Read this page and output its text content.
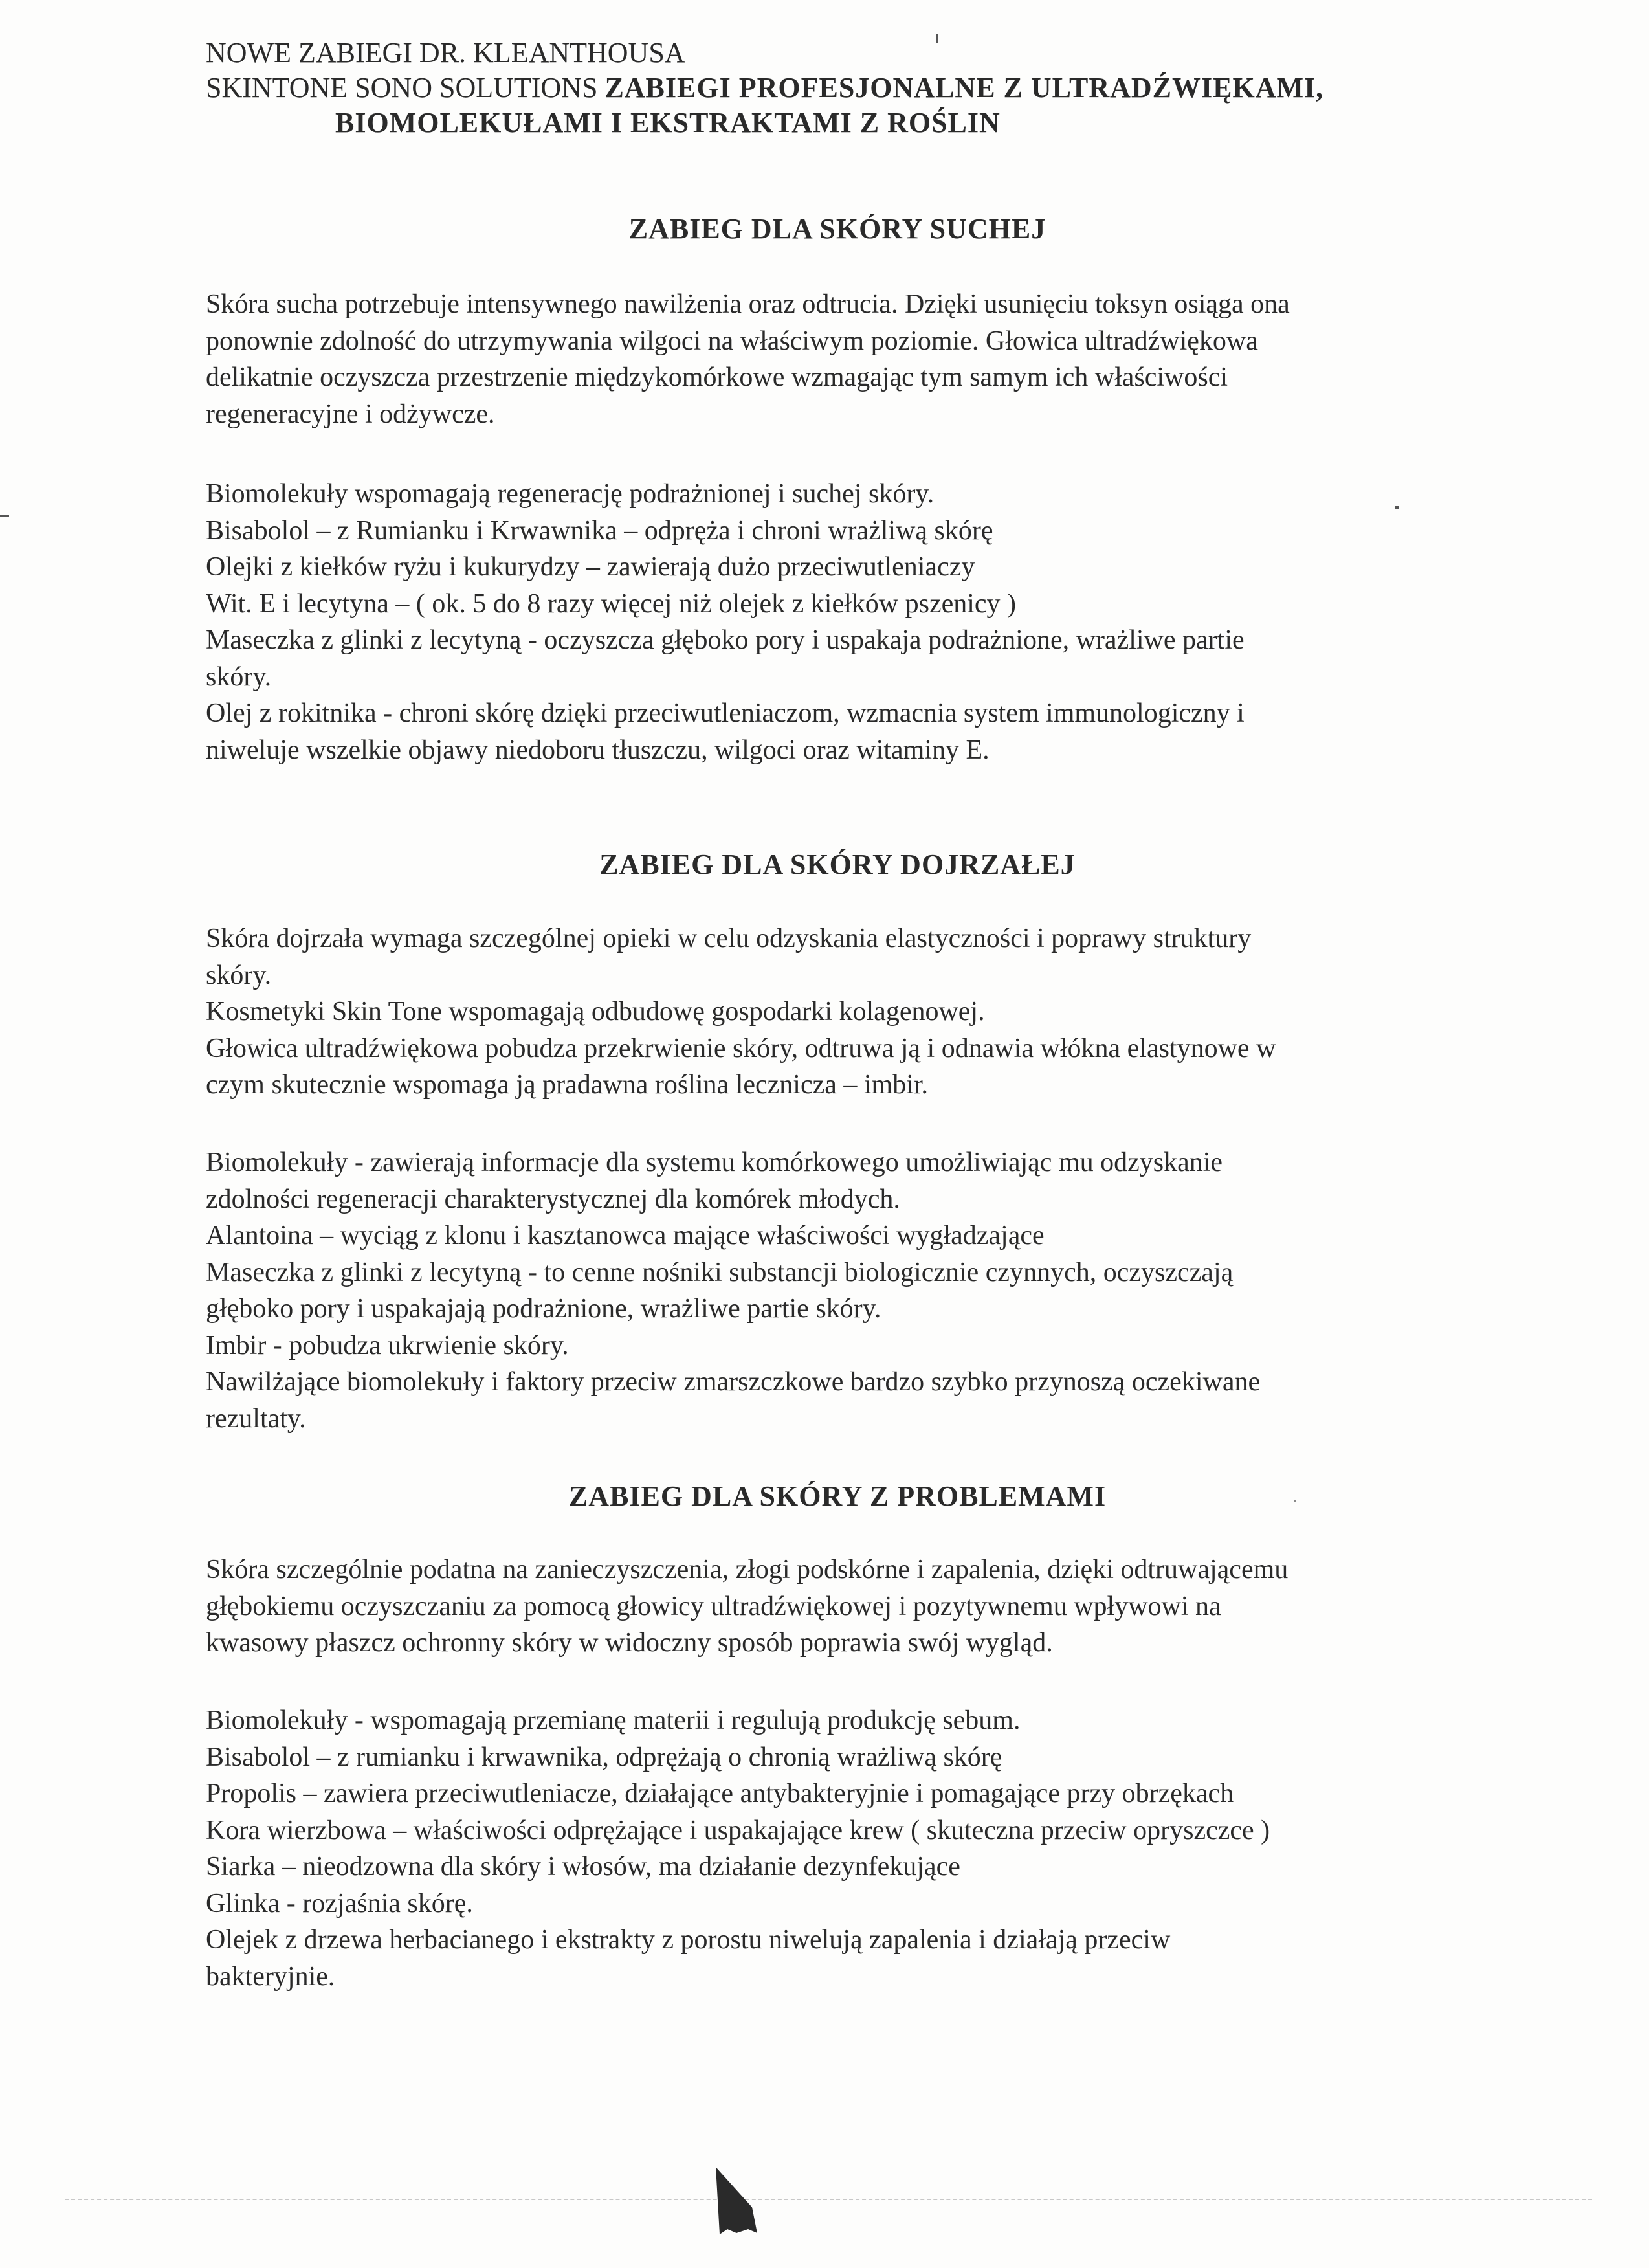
NOWE ZABIEGI DR. KLEANTHOUSA
SKINTONE SONO SOLUTIONS ZABIEGI PROFESJONALNE Z ULTRADŹWIĘKAMI,
BIOMOLEKUŁAMI I EKSTRAKTAMI Z ROŚLIN
ZABIEG DLA SKÓRY SUCHEJ
Skóra sucha potrzebuje intensywnego nawilżenia oraz odtrucia. Dzięki usunięciu toksyn osiąga ona
ponownie zdolność do utrzymywania wilgoci na właściwym poziomie. Głowica ultradźwiękowa
delikatnie oczyszcza przestrzenie międzykomórkowe wzmagając tym samym ich właściwości
regeneracyjne i odżywcze.
Biomolekuły wspomagają regenerację podrażnionej i suchej skóry.
Bisabolol – z Rumianku i Krwawnika – odpręża i chroni wrażliwą skórę
Olejki z kiełków ryżu i kukurydzy – zawierają dużo przeciwutleniaczy
Wit. E i lecytyna – ( ok. 5 do 8 razy więcej niż olejek z kiełków pszenicy )
Maseczka z glinki z lecytyną - oczyszcza głęboko pory i uspakaja podrażnione, wrażliwe partie
skóry.
Olej z rokitnika - chroni skórę dzięki przeciwutleniaczom, wzmacnia system immunologiczny i
niweluje wszelkie objawy niedoboru tłuszczu, wilgoci oraz witaminy E.
ZABIEG DLA SKÓRY DOJRZAŁEJ
Skóra dojrzała wymaga szczególnej opieki w celu odzyskania elastyczności i poprawy struktury
skóry.
Kosmetyki Skin Tone wspomagają odbudowę gospodarki kolagenowej.
Głowica ultradźwiękowa pobudza przekrwienie skóry, odtruwa ją i odnawia włókna elastynowe w
czym skutecznie wspomaga ją pradawna roślina lecznicza – imbir.
Biomolekuły - zawierają informacje dla systemu komórkowego umożliwiając mu odzyskanie
zdolności regeneracji charakterystycznej dla komórek młodych.
Alantoina – wyciąg z klonu i kasztanowca mające właściwości wygładzające
Maseczka z glinki z lecytyną - to cenne nośniki substancji biologicznie czynnych, oczyszczają
głęboko pory i uspakajają podrażnione, wrażliwe partie skóry.
Imbir - pobudza ukrwienie skóry.
Nawilżające biomolekuły i faktory przeciw zmarszczkowe bardzo szybko przynoszą oczekiwane
rezultaty.
ZABIEG DLA SKÓRY Z PROBLEMAMI
Skóra szczególnie podatna na zanieczyszczenia, złogi podskórne i zapalenia, dzięki odtruwającemu
głębokiemu oczyszczaniu za pomocą głowicy ultradźwiękowej i pozytywnemu wpływowi na
kwasowy płaszcz ochronny skóry w widoczny sposób poprawia swój wygląd.
Biomolekuły - wspomagają przemianę materii i regulują produkcję sebum.
Bisabolol – z rumianku i krwawnika, odprężają o chronią wrażliwą skórę
Propolis – zawiera przeciwutleniacze, działające antybakteryjnie i pomagające przy obrzękach
Kora wierzbowa – właściwości odprężające i uspakajające krew ( skuteczna przeciw opryszczce )
Siarka – nieodzowna dla skóry i włosów, ma działanie dezynfekujące
Glinka - rozjaśnia skórę.
Olejek z drzewa herbacianego i ekstrakty z porostu niwelują zapalenia i działają przeciw
bakteryjnie.
